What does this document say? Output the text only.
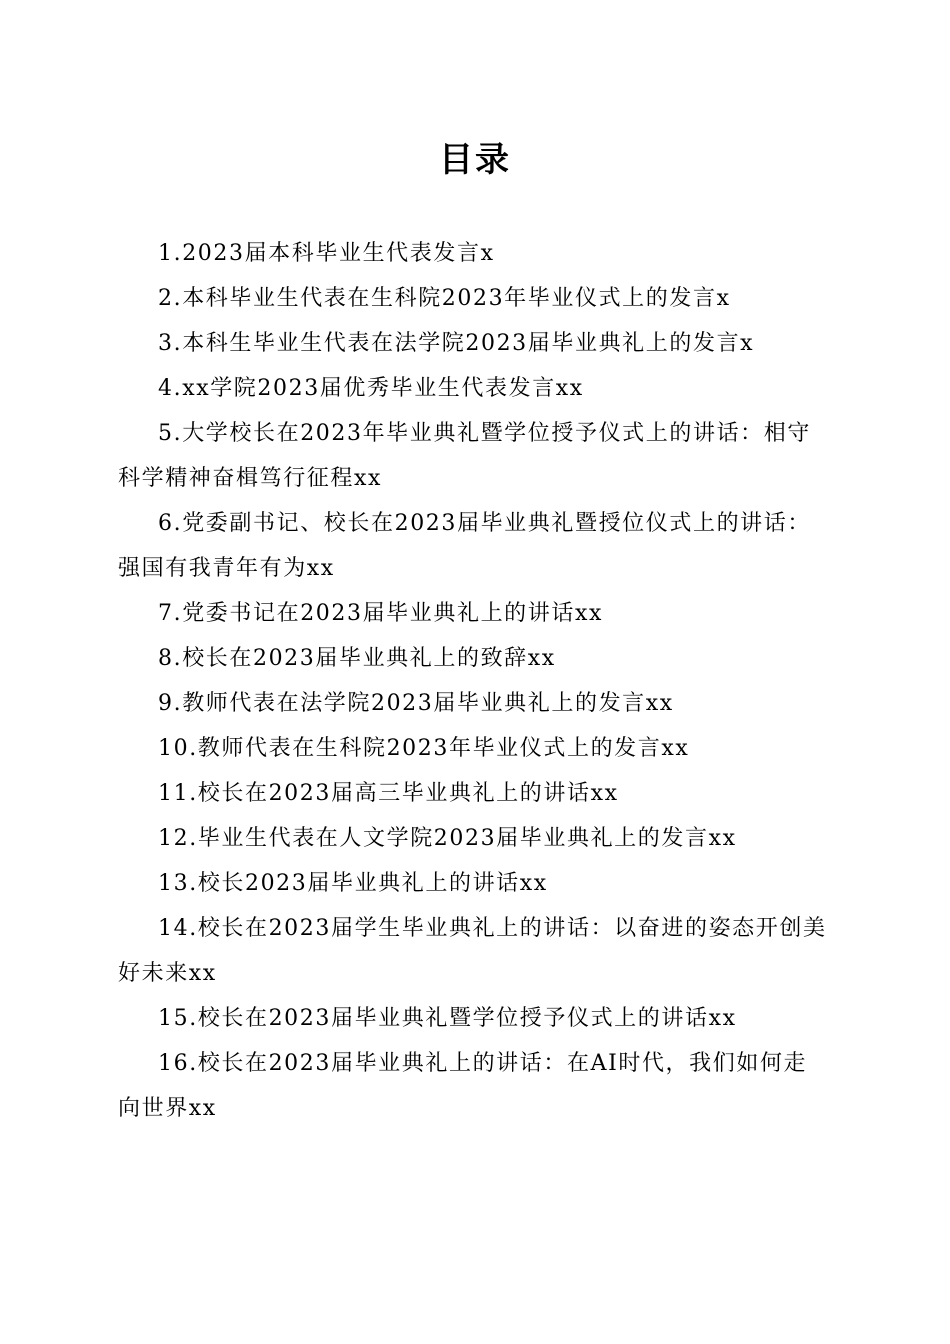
目录
1.2023届本科毕业生代表发言x
2.本科毕业生代表在生科院2023年毕业仪式上的发言x
3.本科生毕业生代表在法学院2023届毕业典礼上的发言x
4.xx学院2023届优秀毕业生代表发言xx
5.大学校长在2023年毕业典礼暨学位授予仪式上的讲话：相守科学精神奋楫笃行征程xx
6.党委副书记、校长在2023届毕业典礼暨授位仪式上的讲话：强国有我青年有为xx
7.党委书记在2023届毕业典礼上的讲话xx
8.校长在2023届毕业典礼上的致辞xx
9.教师代表在法学院2023届毕业典礼上的发言xx
10.教师代表在生科院2023年毕业仪式上的发言xx
11.校长在2023届高三毕业典礼上的讲话xx
12.毕业生代表在人文学院2023届毕业典礼上的发言xx
13.校长2023届毕业典礼上的讲话xx
14.校长在2023届学生毕业典礼上的讲话：以奋进的姿态开创美好未来xx
15.校长在2023届毕业典礼暨学位授予仪式上的讲话xx
16.校长在2023届毕业典礼上的讲话：在AI时代，我们如何走向世界xx
